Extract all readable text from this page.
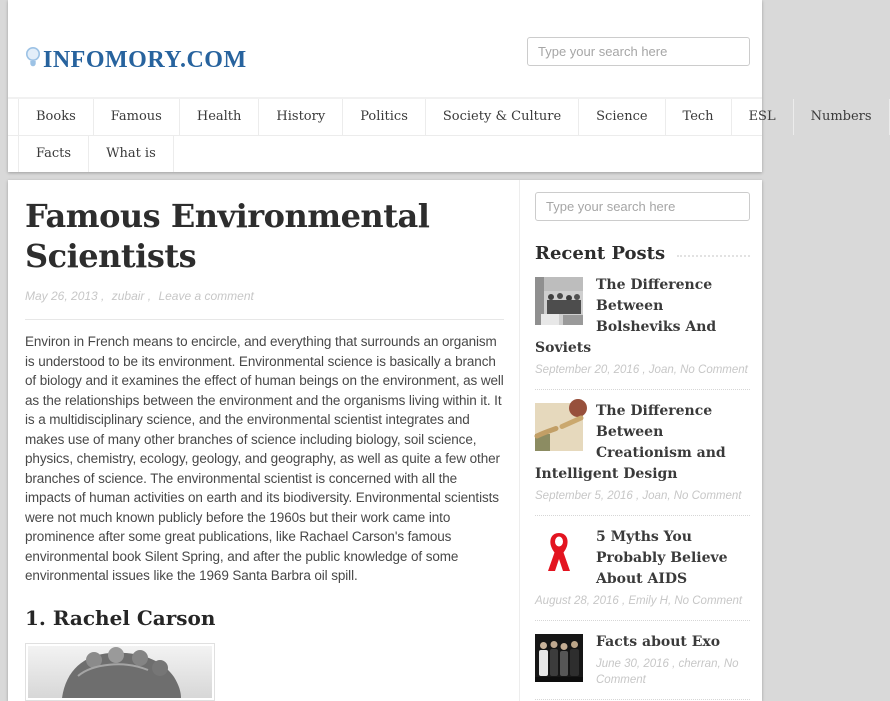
INFOMORY.COM
Type your search here
Books	Famous	Health	History	Politics	Society & Culture	Science	Tech	ESL	Numbers
Facts	What is
Famous Environmental Scientists
May 26, 2013 , zubair , Leave a comment

Environ in French means to encircle, and everything that surrounds an organism is understood to be its environment. Environmental science is basically a branch of biology and it examines the effect of human beings on the environment, as well as the relationships between the environment and the organisms living within it. It is a multidisciplinary science, and the environmental scientist integrates and makes use of many other branches of science including biology, soil science, physics, chemistry, ecology, geology, and geography, as well as quite a few other branches of science. The environmental scientist is concerned with all the impacts of human activities on earth and its biodiversity. Environmental scientists were not much known publicly before the 1960s but their work came into prominence after some great publications, like Rachael Carson's famous environmental book Silent Spring, and after the public knowledge of some environmental issues like the 1969 Santa Barbra oil spill.

1. Rachel Carson
Type your search here
Recent Posts
The Difference Between Bolsheviks And Soviets
September 20, 2016 , Joan, No Comment
The Difference Between Creationism and Intelligent Design
September 5, 2016 , Joan, No Comment
5 Myths You Probably Believe About AIDS
August 28, 2016 , Emily H, No Comment
Facts about Exo
June 30, 2016 , cherran, No Comment
